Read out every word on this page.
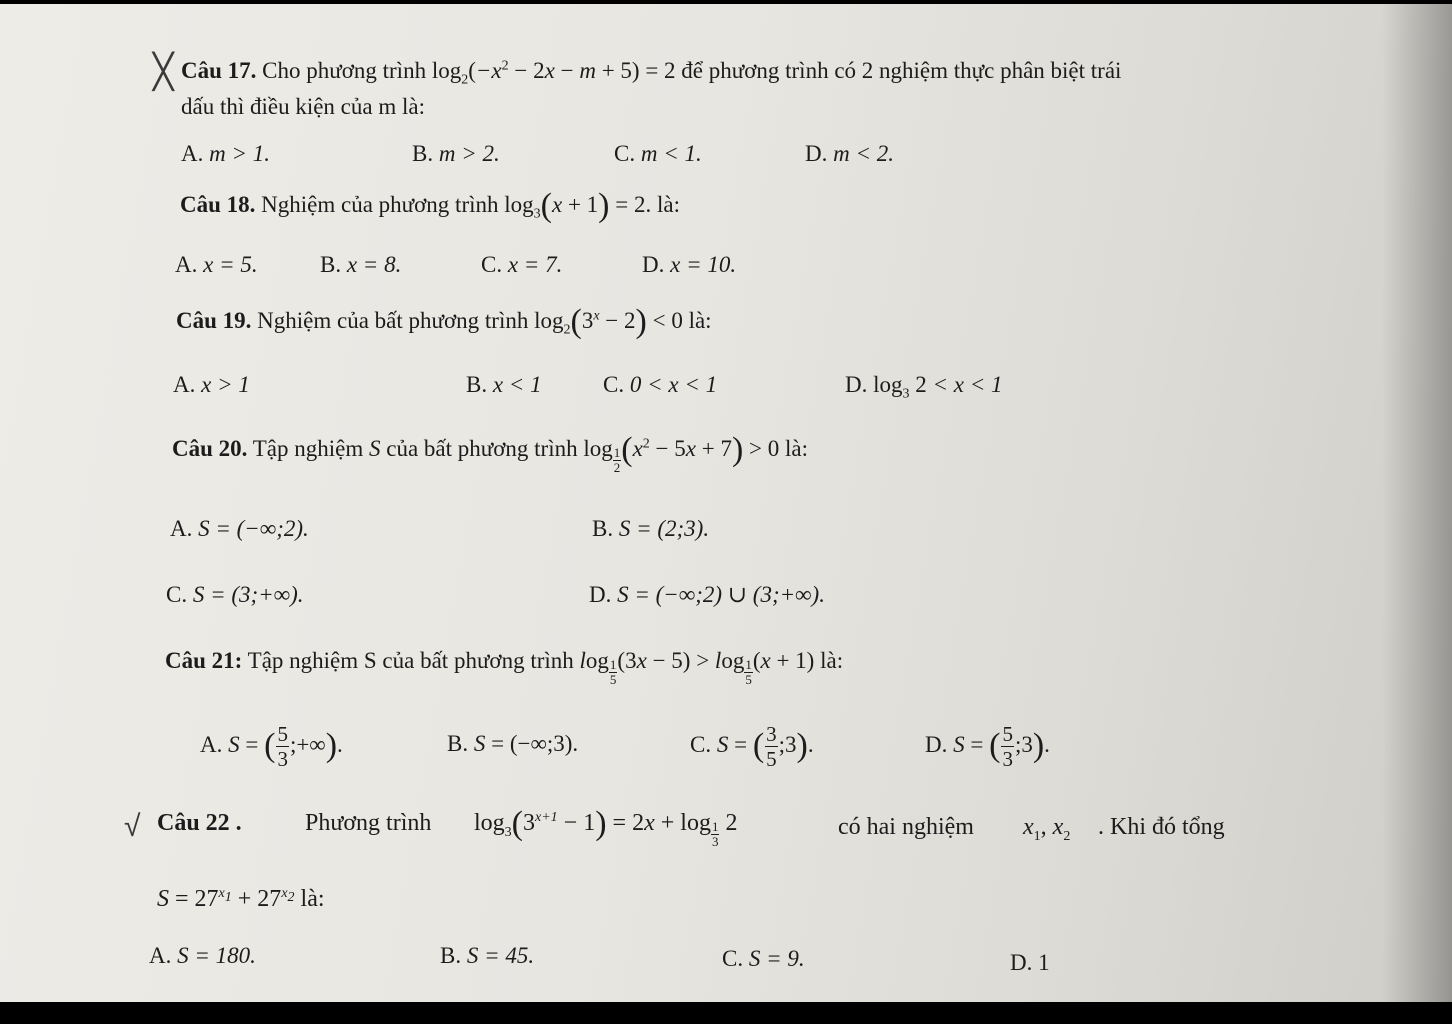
╳
√
Câu 17. Cho phương trình $\log_2(-x^2 - 2x - m + 5) = 2$ để phương trình có 2 nghiệm thực phân biệt trái
dấu thì điều kiện của m là:
A. m > 1.	B. m > 2.	C. m < 1.	D. m < 2.
Câu 18. Nghiệm của phương trình $\log_3(x + 1) = 2$. là:
A. x = 5.	B. x = 8.	C. x = 7.	D. x = 10.
Câu 19. Nghiệm của bất phương trình $\log_2(3^x - 2) < 0$ là:
A. x > 1	B. x < 1	C. 0 < x < 1	D. $\log_3 2 < x < 1$
Câu 20. Tập nghiệm S của bất phương trình $\log \frac{1}{2} (x^2 - 5x + 7) > 0$ là:
A. S = (−∞;2).	B. S = (2;3).
C. S = (3;+∞).	D. S = (−∞;2) ∪ (3;+∞).
Câu 21: Tập nghiệm S của bất phương trình $\log \frac{1}{5} (3x - 5) > \log \frac{1}{5} (x + 1)$ là:
A. S = ( $\frac{5}{3}$ ;+∞).	B. S = (−∞;3).	C. S = ( $\frac{3}{5}$ ;3).	D. S = ( $\frac{5}{3}$ ;3).
Câu 22 .	Phương trình $\log_3(3^{x+1} - 1) = 2x + \log \frac{1}{3} 2$	có hai nghiệm $x_1$, $x_2$ . Khi đó tổng
$S = 27^{x_1} + 27^{x_2}$ là:
A. S = 180.	B. S = 45.	C. S = 9.	D. 1
